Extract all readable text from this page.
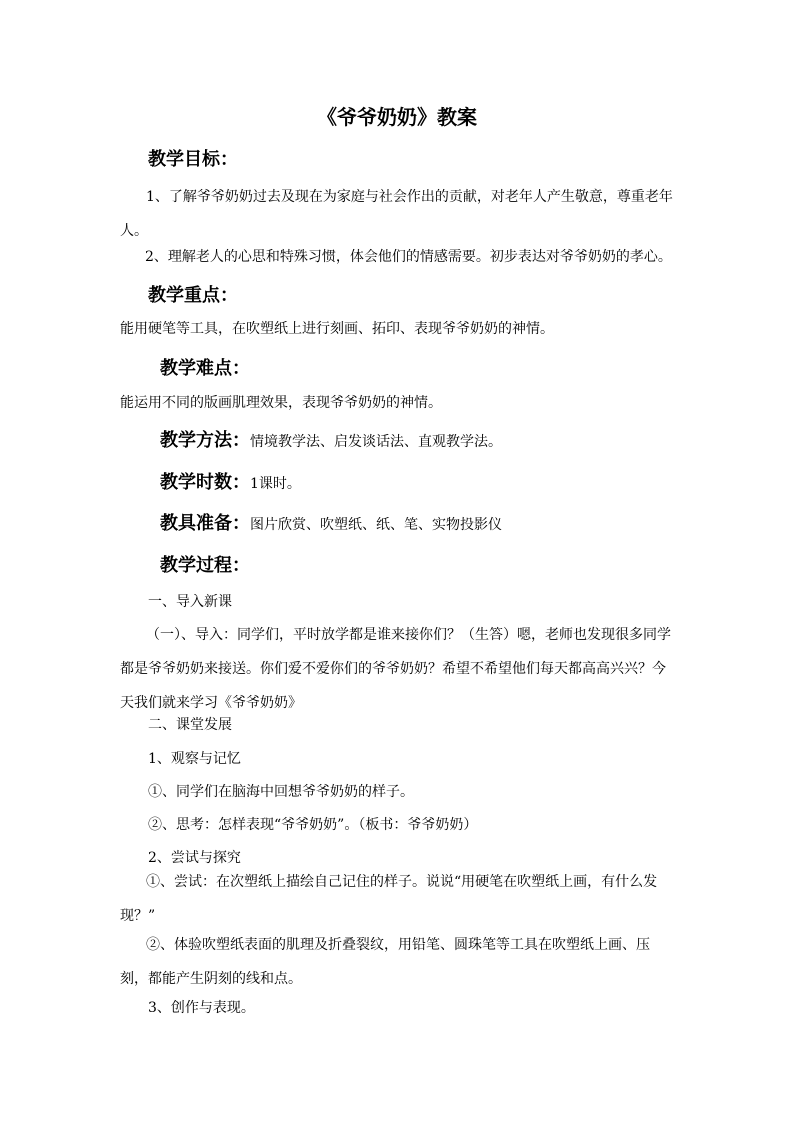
《爷爷奶奶》教案
教学目标：
1、了解爷爷奶奶过去及现在为家庭与社会作出的贡献，对老年人产生敬意，尊重老年人。
2、理解老人的心思和特殊习惯，体会他们的情感需要。初步表达对爷爷奶奶的孝心。
教学重点：
能用硬笔等工具，在吹塑纸上进行刻画、拓印、表现爷爷奶奶的神情。
教学难点：
能运用不同的版画肌理效果，表现爷爷奶奶的神情。
教学方法：情境教学法、启发谈话法、直观教学法。
教学时数：1课时。
教具准备：图片欣赏、吹塑纸、纸、笔、实物投影仪
教学过程：
一、导入新课
（一）、导入：同学们，平时放学都是谁来接你们？（生答）嗯，老师也发现很多同学都是爷爷奶奶来接送。你们爱不爱你们的爷爷奶奶？希望不希望他们每天都高高兴兴？今天我们就来学习《爷爷奶奶》
二、课堂发展
1、观察与记忆
①、同学们在脑海中回想爷爷奶奶的样子。
②、思考：怎样表现“爷爷奶奶”。（板书：爷爷奶奶）
2、尝试与探究
①、尝试：在次塑纸上描绘自己记住的样子。说说“用硬笔在吹塑纸上画，有什么发现？”
②、体验吹塑纸表面的肌理及折叠裂纹，用铅笔、圆珠笔等工具在吹塑纸上画、压刻，都能产生阴刻的线和点。
3、创作与表现。
